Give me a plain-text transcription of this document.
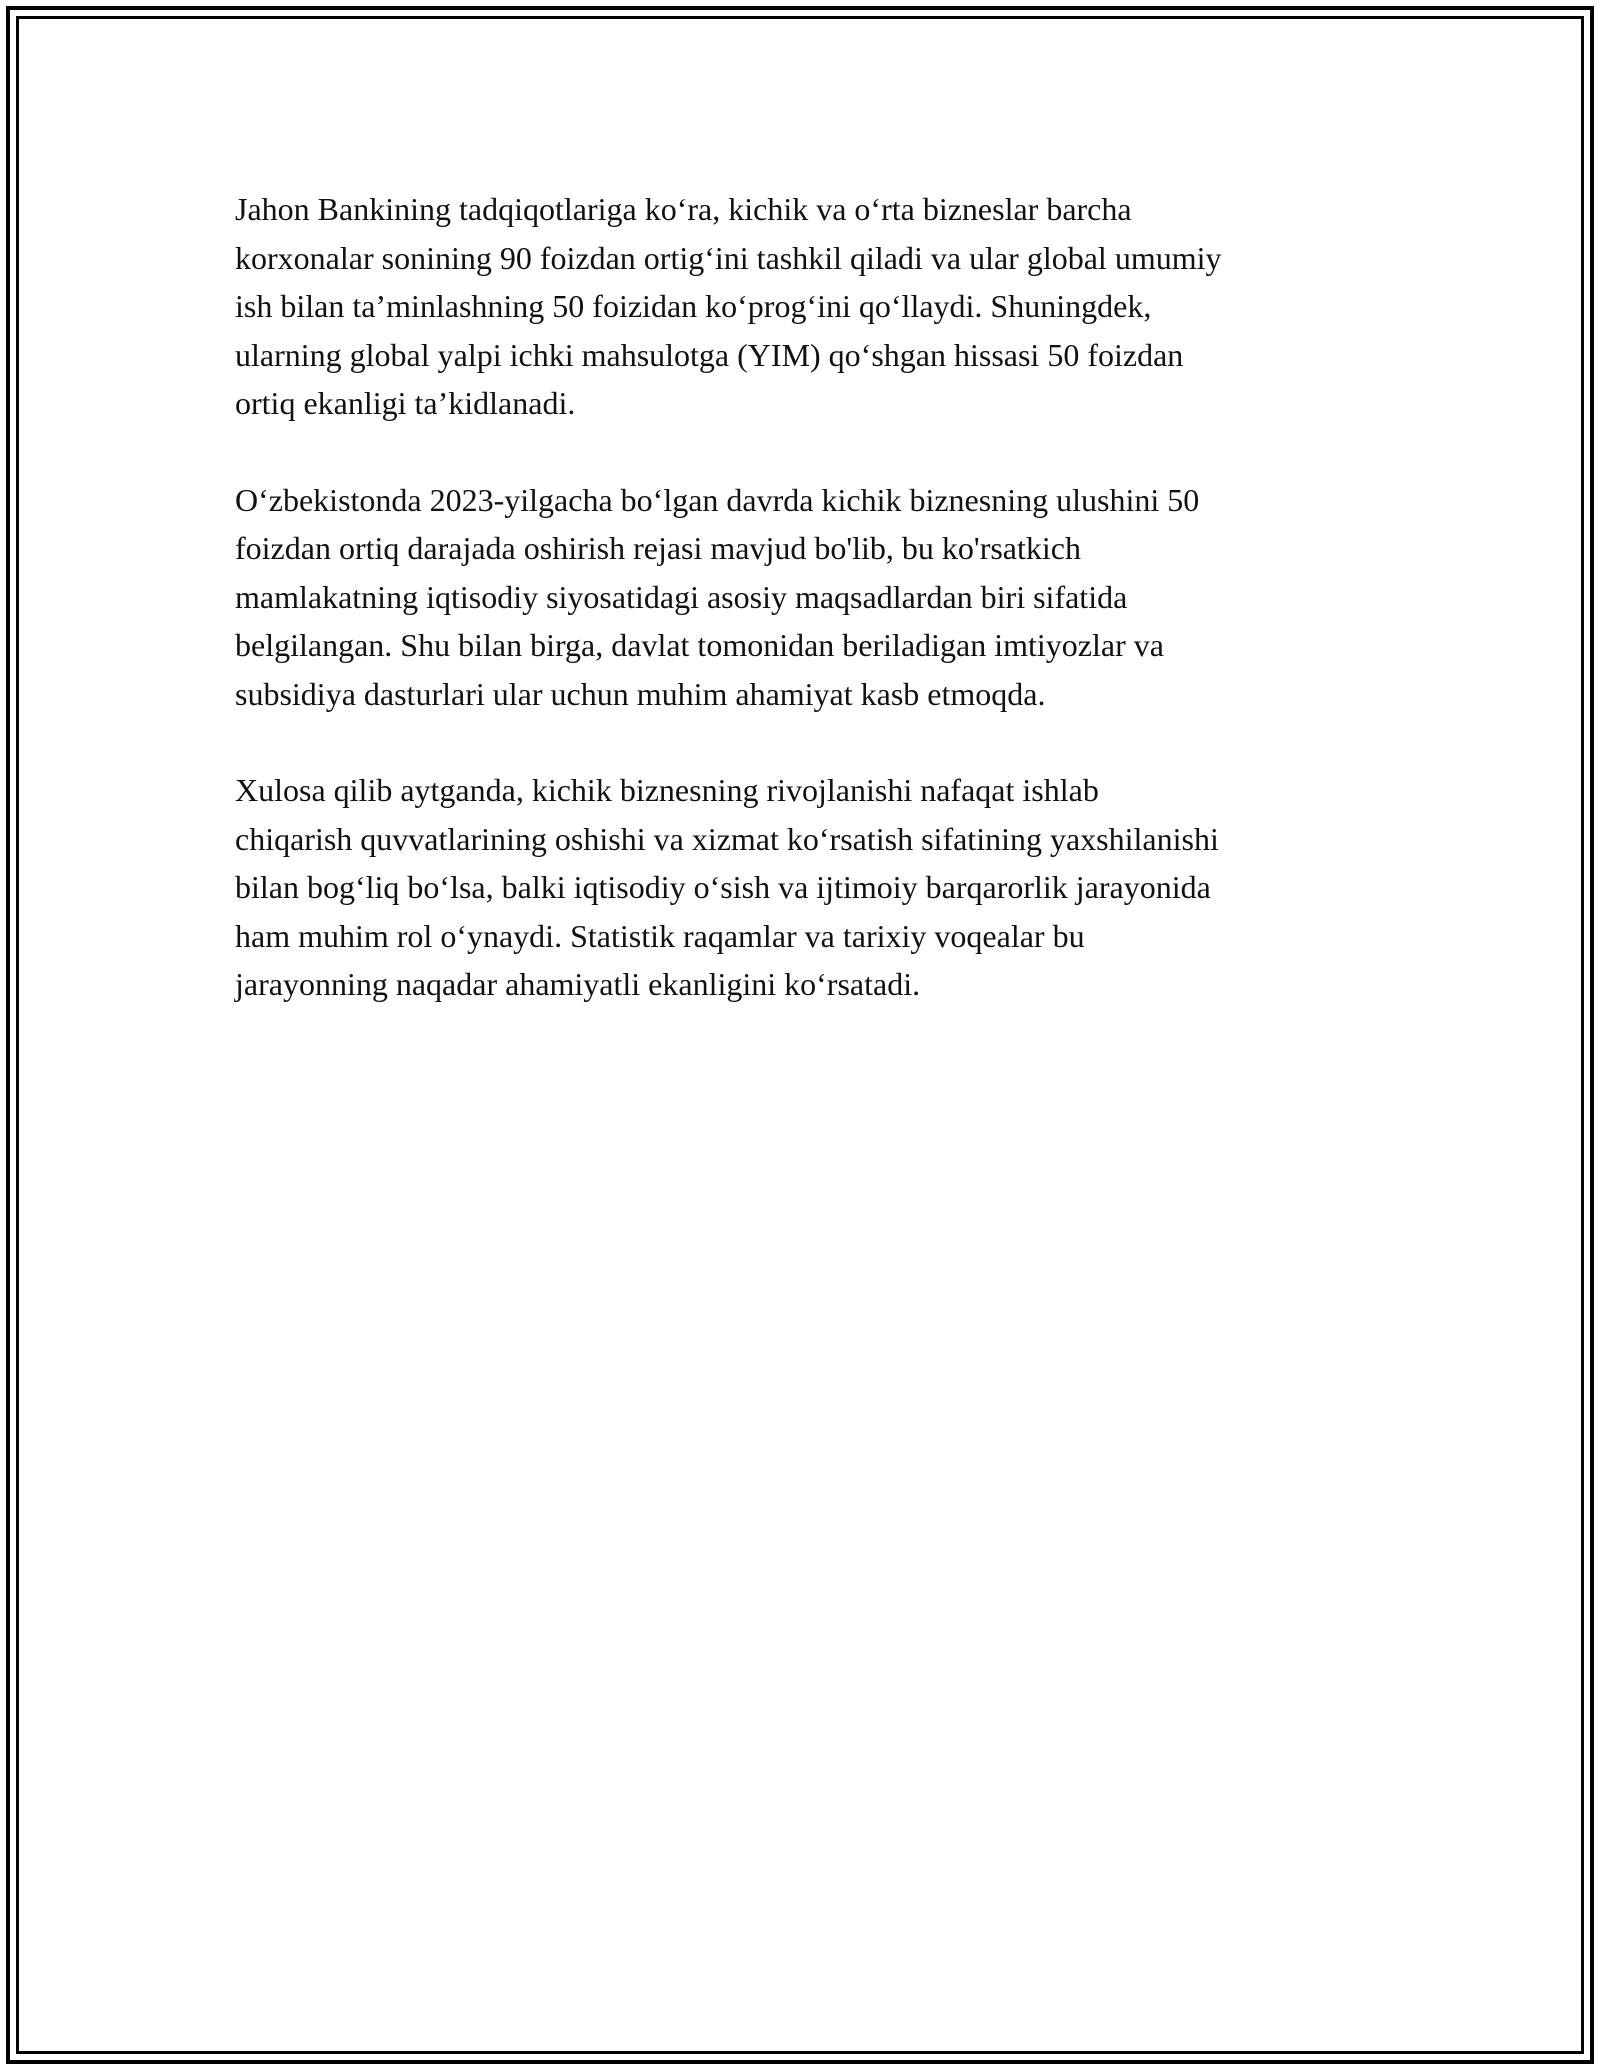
Jahon Bankining tadqiqotlariga ko‘ra, kichik va o‘rta bizneslar barcha
korxonalar sonining 90 foizdan ortig‘ini tashkil qiladi va ular global umumiy
ish bilan ta’minlashning 50 foizidan ko‘prog‘ini qo‘llaydi. Shuningdek,
ularning global yalpi ichki mahsulotga (YIM) qo‘shgan hissasi 50 foizdan
ortiq ekanligi ta’kidlanadi.

O‘zbekistonda 2023-yilgacha bo‘lgan davrda kichik biznesning ulushini 50
foizdan ortiq darajada oshirish rejasi mavjud bo'lib, bu ko'rsatkich
mamlakatning iqtisodiy siyosatidagi asosiy maqsadlardan biri sifatida
belgilangan. Shu bilan birga, davlat tomonidan beriladigan imtiyozlar va
subsidiya dasturlari ular uchun muhim ahamiyat kasb etmoqda.

Xulosa qilib aytganda, kichik biznesning rivojlanishi nafaqat ishlab
chiqarish quvvatlarining oshishi va xizmat ko‘rsatish sifatining yaxshilanishi
bilan bog‘liq bo‘lsa, balki iqtisodiy o‘sish va ijtimoiy barqarorlik jarayonida
ham muhim rol o‘ynaydi. Statistik raqamlar va tarixiy voqealar bu
jarayonning naqadar ahamiyatli ekanligini ko‘rsatadi.
